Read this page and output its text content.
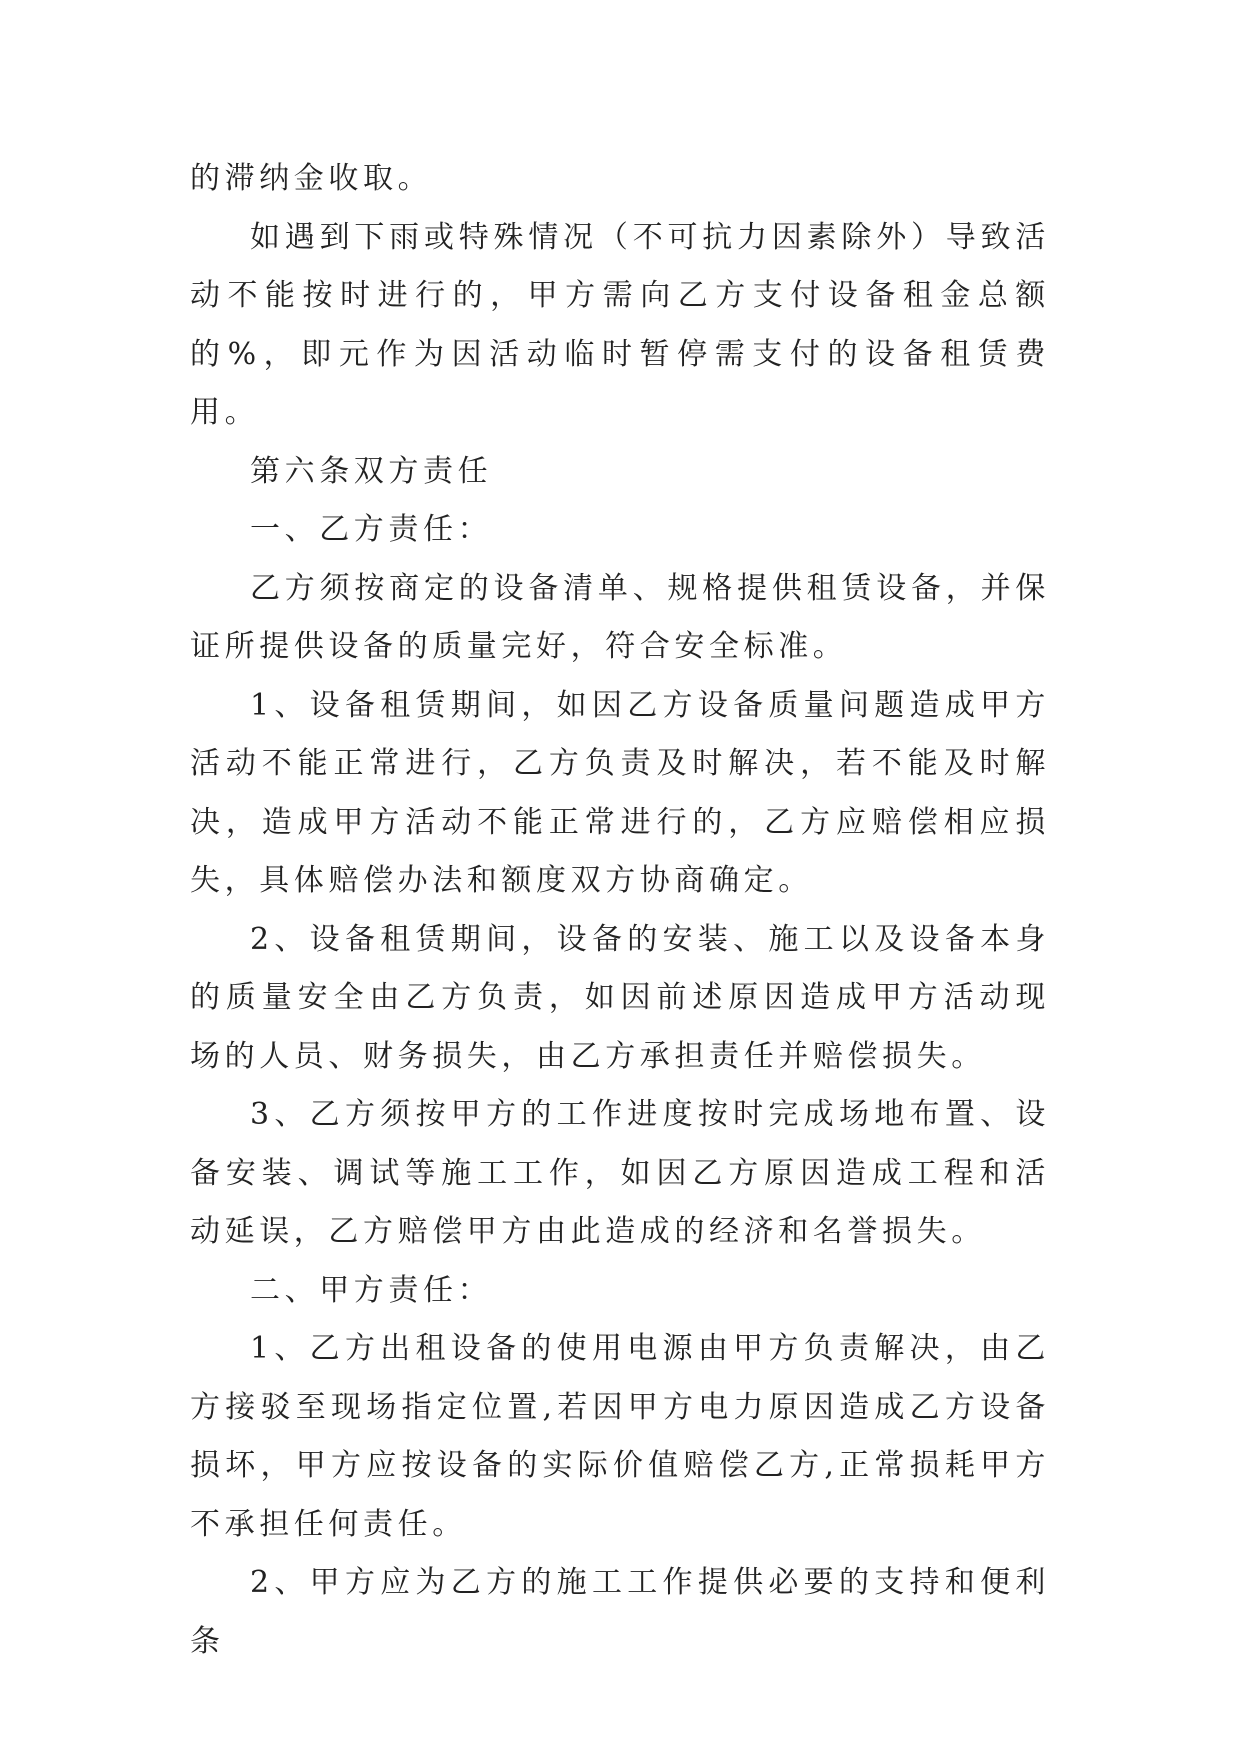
的滞纳金收取。

如遇到下雨或特殊情况（不可抗力因素除外）导致活动不能按时进行的，甲方需向乙方支付设备租金总额的%，即元作为因活动临时暂停需支付的设备租赁费用。

第六条双方责任

一、乙方责任：

乙方须按商定的设备清单、规格提供租赁设备，并保证所提供设备的质量完好，符合安全标准。

1、设备租赁期间，如因乙方设备质量问题造成甲方活动不能正常进行，乙方负责及时解决，若不能及时解决，造成甲方活动不能正常进行的，乙方应赔偿相应损失，具体赔偿办法和额度双方协商确定。

2、设备租赁期间，设备的安装、施工以及设备本身的质量安全由乙方负责，如因前述原因造成甲方活动现场的人员、财务损失，由乙方承担责任并赔偿损失。

3、乙方须按甲方的工作进度按时完成场地布置、设备安装、调试等施工工作，如因乙方原因造成工程和活动延误，乙方赔偿甲方由此造成的经济和名誉损失。

二、甲方责任：

1、乙方出租设备的使用电源由甲方负责解决，由乙方接驳至现场指定位置,若因甲方电力原因造成乙方设备损坏，甲方应按设备的实际价值赔偿乙方,正常损耗甲方不承担任何责任。

2、甲方应为乙方的施工工作提供必要的支持和便利条
